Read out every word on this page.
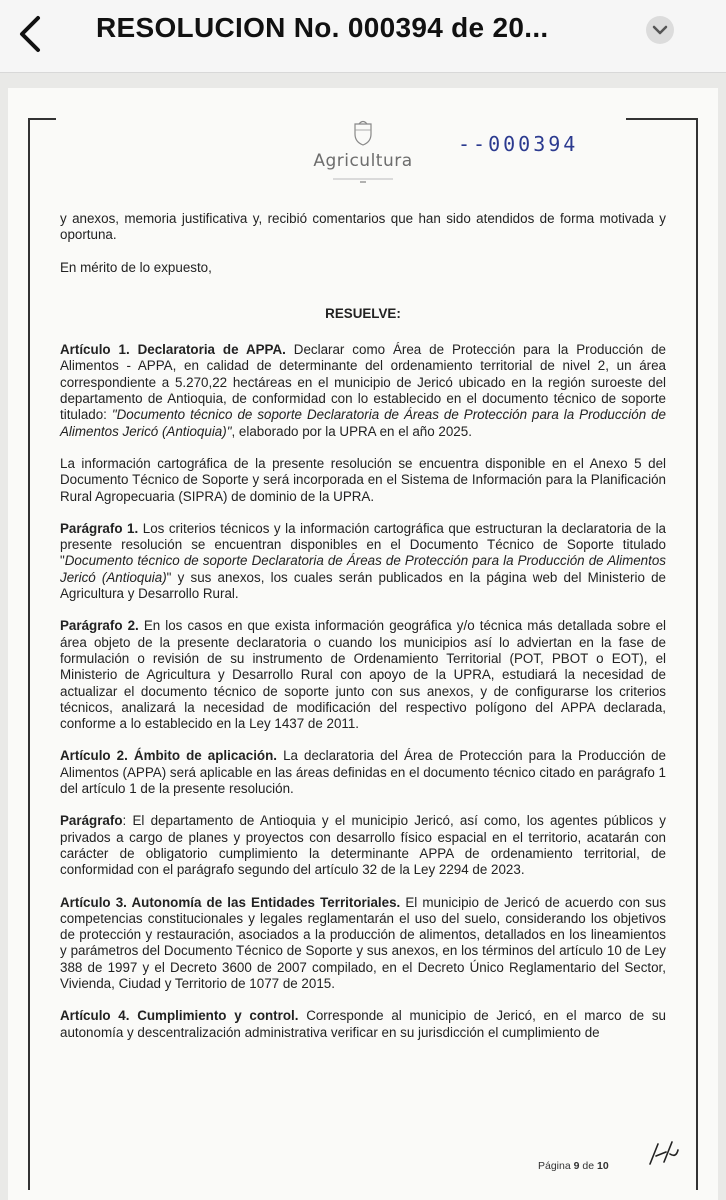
RESOLUCION No. 000394 de 20...
Agricultura
--000394

y anexos, memoria justificativa y, recibió comentarios que han sido atendidos de forma motivada y oportuna.

En mérito de lo expuesto,

RESUELVE:

Artículo 1. Declaratoria de APPA. Declarar como Área de Protección para la Producción de Alimentos - APPA, en calidad de determinante del ordenamiento territorial de nivel 2, un área correspondiente a 5.270,22 hectáreas en el municipio de Jericó ubicado en la región suroeste del departamento de Antioquia, de conformidad con lo establecido en el documento técnico de soporte titulado: "Documento técnico de soporte Declaratoria de Áreas de Protección para la Producción de Alimentos Jericó (Antioquia)", elaborado por la UPRA en el año 2025.

La información cartográfica de la presente resolución se encuentra disponible en el Anexo 5 del Documento Técnico de Soporte y será incorporada en el Sistema de Información para la Planificación Rural Agropecuaria (SIPRA) de dominio de la UPRA.

Parágrafo 1. Los criterios técnicos y la información cartográfica que estructuran la declaratoria de la presente resolución se encuentran disponibles en el Documento Técnico de Soporte titulado "Documento técnico de soporte Declaratoria de Áreas de Protección para la Producción de Alimentos Jericó (Antioquia)" y sus anexos, los cuales serán publicados en la página web del Ministerio de Agricultura y Desarrollo Rural.

Parágrafo 2. En los casos en que exista información geográfica y/o técnica más detallada sobre el área objeto de la presente declaratoria o cuando los municipios así lo adviertan en la fase de formulación o revisión de su instrumento de Ordenamiento Territorial (POT, PBOT o EOT), el Ministerio de Agricultura y Desarrollo Rural con apoyo de la UPRA, estudiará la necesidad de actualizar el documento técnico de soporte junto con sus anexos, y de configurarse los criterios técnicos, analizará la necesidad de modificación del respectivo polígono del APPA declarada, conforme a lo establecido en la Ley 1437 de 2011.

Artículo 2. Ámbito de aplicación. La declaratoria del Área de Protección para la Producción de Alimentos (APPA) será aplicable en las áreas definidas en el documento técnico citado en parágrafo 1 del artículo 1 de la presente resolución.

Parágrafo: El departamento de Antioquia y el municipio Jericó, así como, los agentes públicos y privados a cargo de planes y proyectos con desarrollo físico espacial en el territorio, acatarán con carácter de obligatorio cumplimiento la determinante APPA de ordenamiento territorial, de conformidad con el parágrafo segundo del artículo 32 de la Ley 2294 de 2023.

Artículo 3. Autonomía de las Entidades Territoriales. El municipio de Jericó de acuerdo con sus competencias constitucionales y legales reglamentarán el uso del suelo, considerando los objetivos de protección y restauración, asociados a la producción de alimentos, detallados en los lineamientos y parámetros del Documento Técnico de Soporte y sus anexos, en los términos del artículo 10 de Ley 388 de 1997 y el Decreto 3600 de 2007 compilado, en el Decreto Único Reglamentario del Sector, Vivienda, Ciudad y Territorio de 1077 de 2015.

Artículo 4. Cumplimiento y control. Corresponde al municipio de Jericó, en el marco de su autonomía y descentralización administrativa verificar en su jurisdicción el cumplimiento de

Página 9 de 10
